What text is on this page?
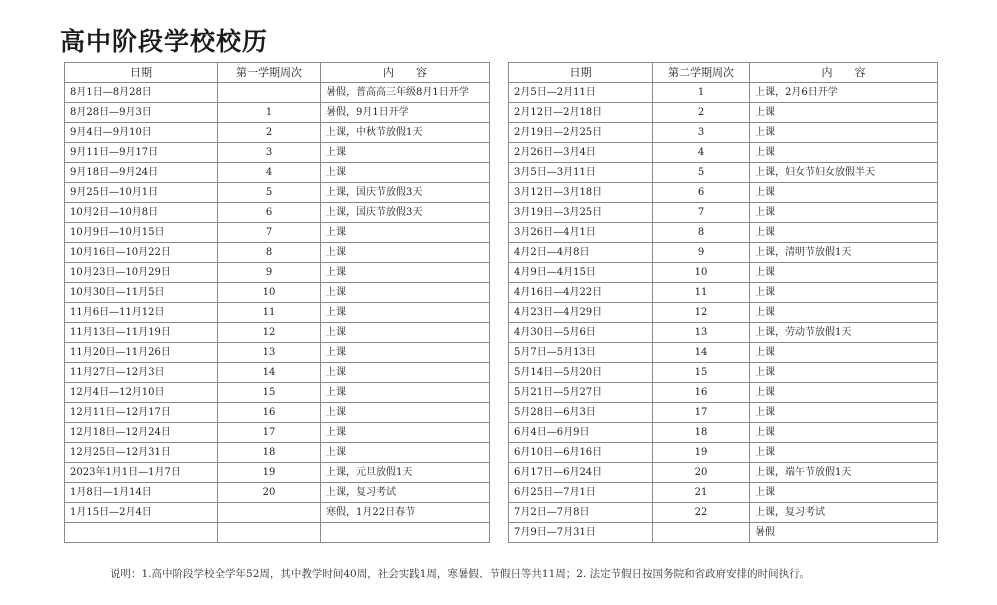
高中阶段学校校历
日期	第一学期周次	内　　容
8月1日—8月28日		暑假，普高高三年级8月1日开学
8月28日—9月3日	1	暑假，9月1日开学
9月4日—9月10日	2	上课，中秋节放假1天
9月11日—9月17日	3	上课
9月18日—9月24日	4	上课
9月25日—10月1日	5	上课，国庆节放假3天
10月2日—10月8日	6	上课，国庆节放假3天
10月9日—10月15日	7	上课
10月16日—10月22日	8	上课
10月23日—10月29日	9	上课
10月30日—11月5日	10	上课
11月6日—11月12日	11	上课
11月13日—11月19日	12	上课
11月20日—11月26日	13	上课
11月27日—12月3日	14	上课
12月4日—12月10日	15	上课
12月11日—12月17日	16	上课
12月18日—12月24日	17	上课
12月25日—12月31日	18	上课
2023年1月1日—1月7日	19	上课，元旦放假1天
1月8日—1月14日	20	上课，复习考试
1月15日—2月4日		寒假，1月22日春节

日期	第二学期周次	内　　容
2月5日—2月11日	1	上课，2月6日开学
2月12日—2月18日	2	上课
2月19日—2月25日	3	上课
2月26日—3月4日	4	上课
3月5日—3月11日	5	上课，妇女节妇女放假半天
3月12日—3月18日	6	上课
3月19日—3月25日	7	上课
3月26日—4月1日	8	上课
4月2日—4月8日	9	上课，清明节放假1天
4月9日—4月15日	10	上课
4月16日—4月22日	11	上课
4月23日—4月29日	12	上课
4月30日—5月6日	13	上课，劳动节放假1天
5月7日—5月13日	14	上课
5月14日—5月20日	15	上课
5月21日—5月27日	16	上课
5月28日—6月3日	17	上课
6月4日—6月9日	18	上课
6月10日—6月16日	19	上课
6月17日—6月24日	20	上课，端午节放假1天
6月25日—7月1日	21	上课
7月2日—7月8日	22	上课，复习考试
7月9日—7月31日		暑假

说明：1.高中阶段学校全学年52周，其中教学时间40周，社会实践1周，寒暑假、节假日等共11周；2. 法定节假日按国务院和省政府安排的时间执行。
